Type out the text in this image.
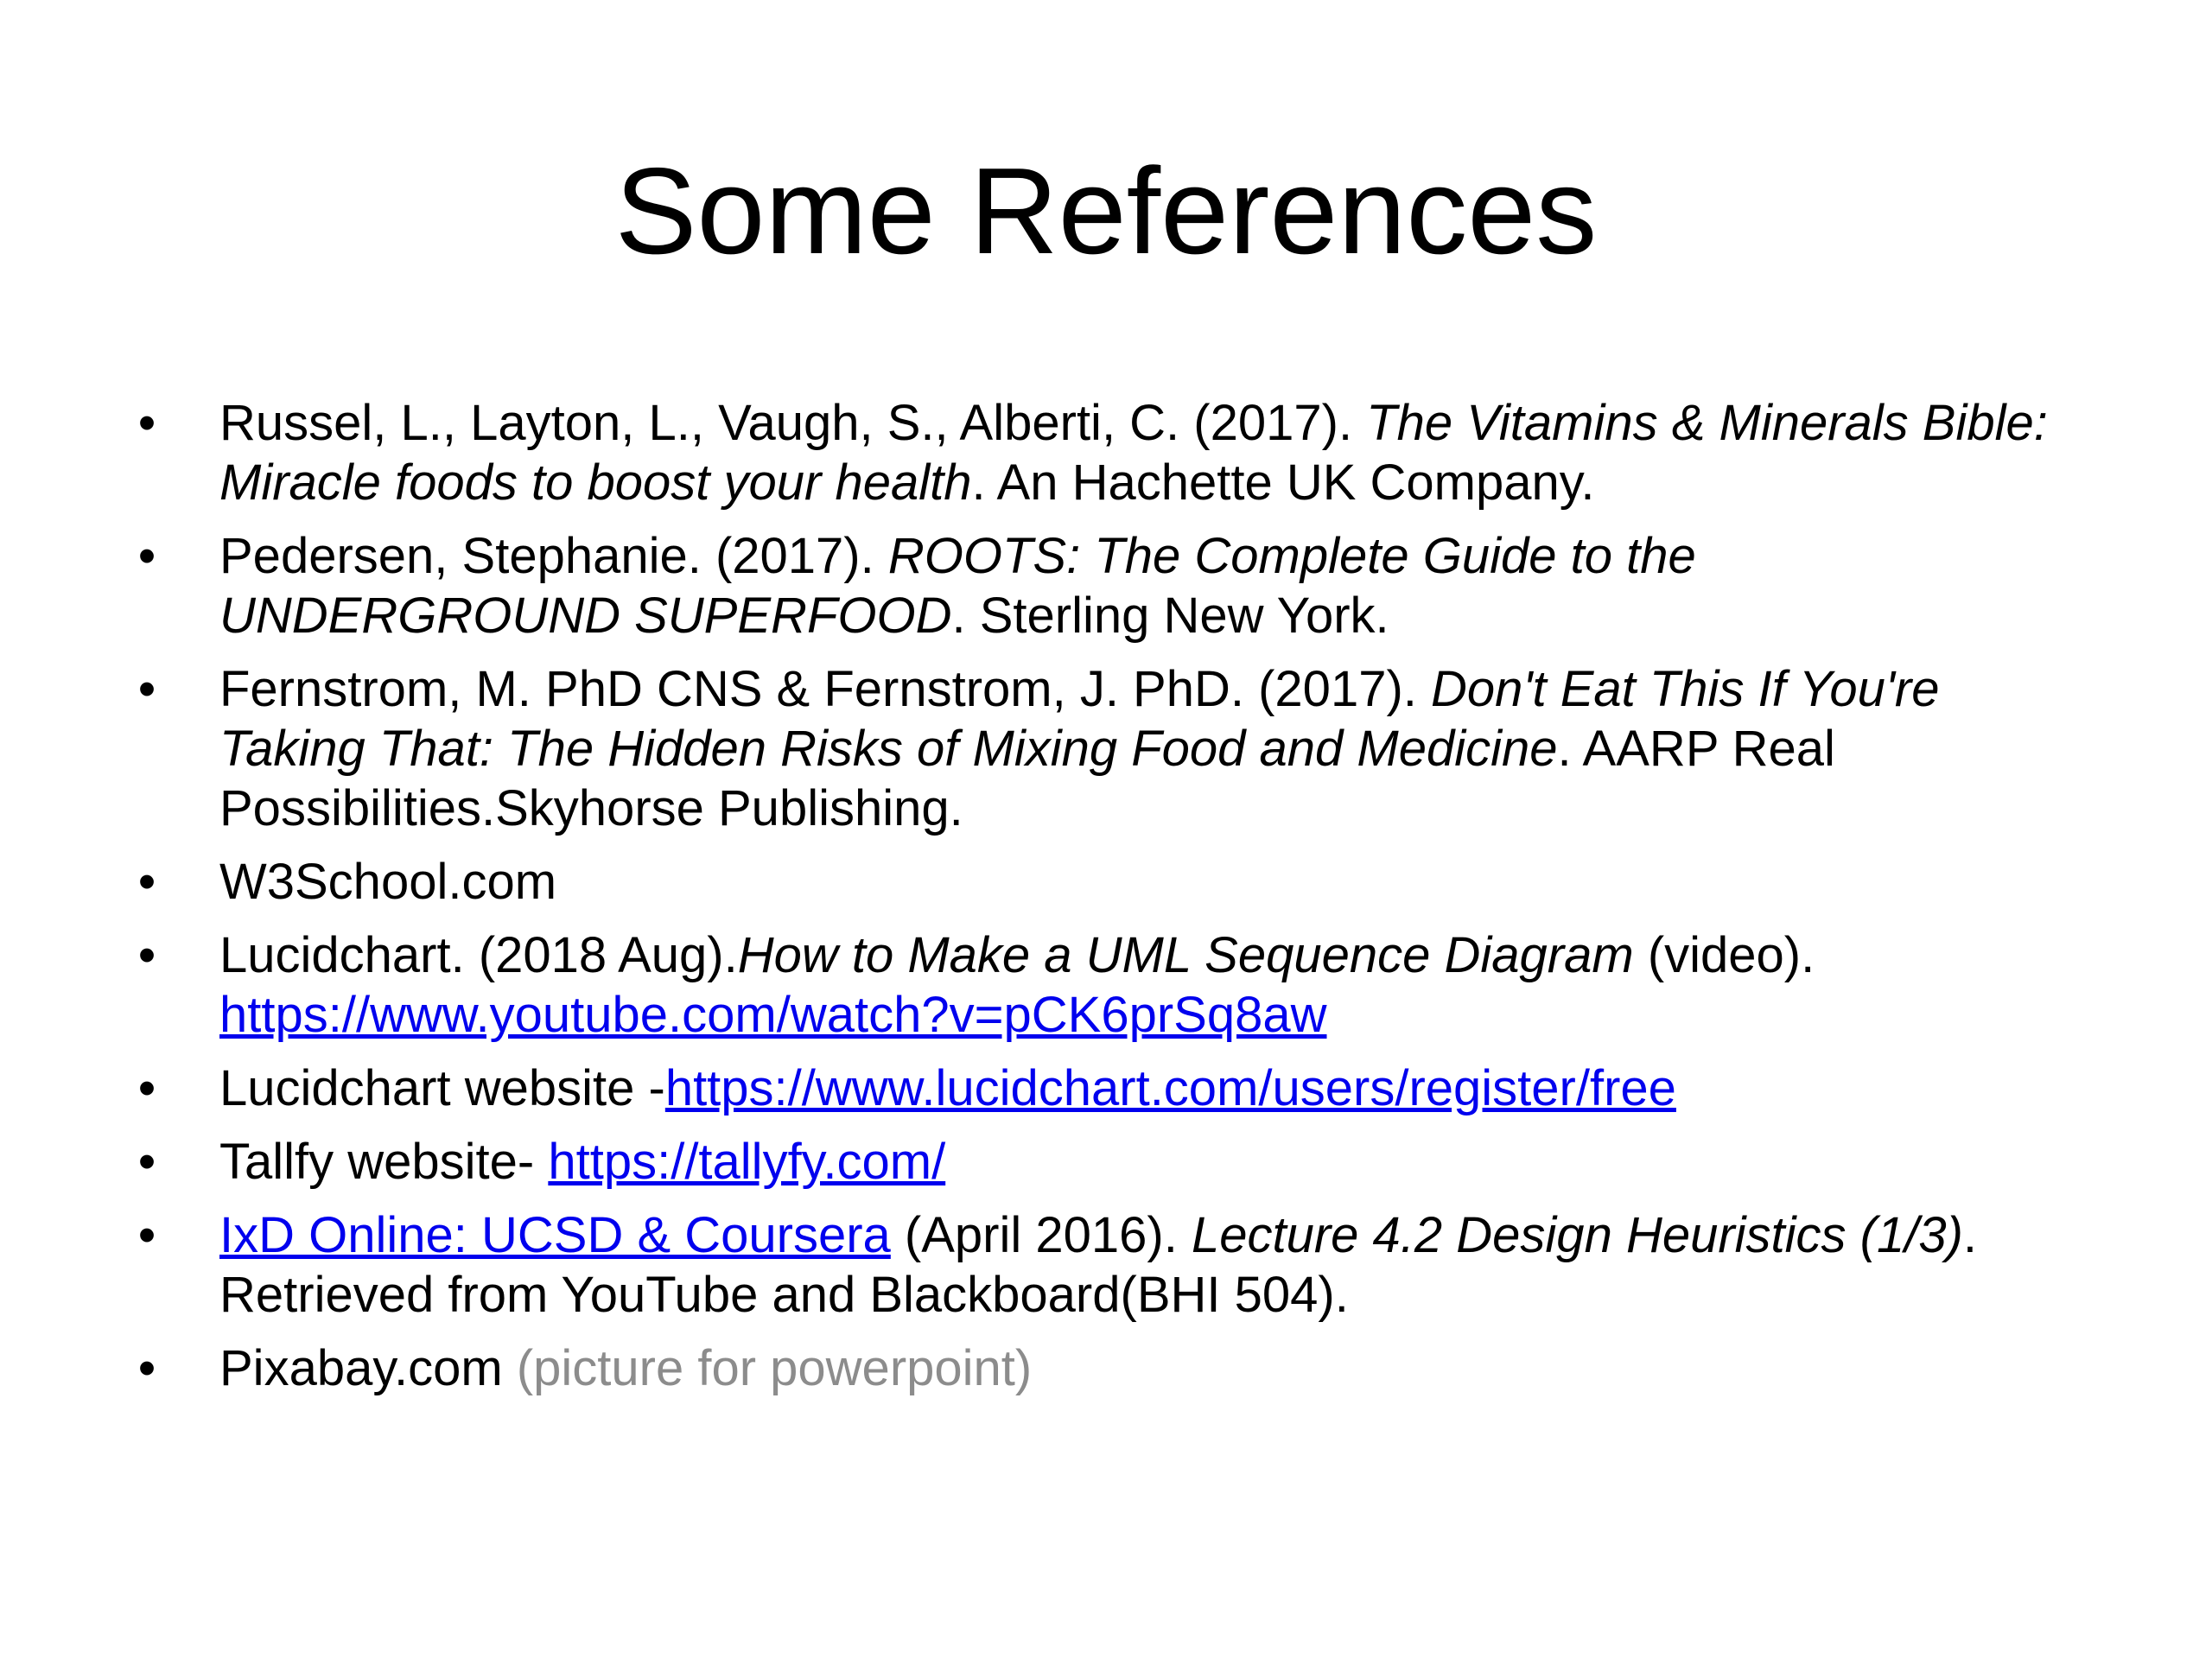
Some References
• Russel, L., Layton, L., Vaugh, S., Alberti, C. (2017). The Vitamins & Minerals Bible: Miracle foods to boost your health. An Hachette UK Company.
• Pedersen, Stephanie. (2017). ROOTS: The Complete Guide to the UNDERGROUND SUPERFOOD. Sterling New York.
• Fernstrom, M. PhD CNS & Fernstrom, J. PhD. (2017). Don't Eat This If You're Taking That: The Hidden Risks of Mixing Food and Medicine. AARP Real Possibilities.Skyhorse Publishing.
• W3School.com
• Lucidchart. (2018 Aug).How to Make a UML Sequence Diagram (video).
https://www.youtube.com/watch?v=pCK6prSq8aw
• Lucidchart website -https://www.lucidchart.com/users/register/free
• Tallfy website- https://tallyfy.com/
• IxD Online: UCSD & Coursera (April 2016). Lecture 4.2 Design Heuristics (1/3). Retrieved from YouTube and Blackboard(BHI 504).
• Pixabay.com (picture for powerpoint)
